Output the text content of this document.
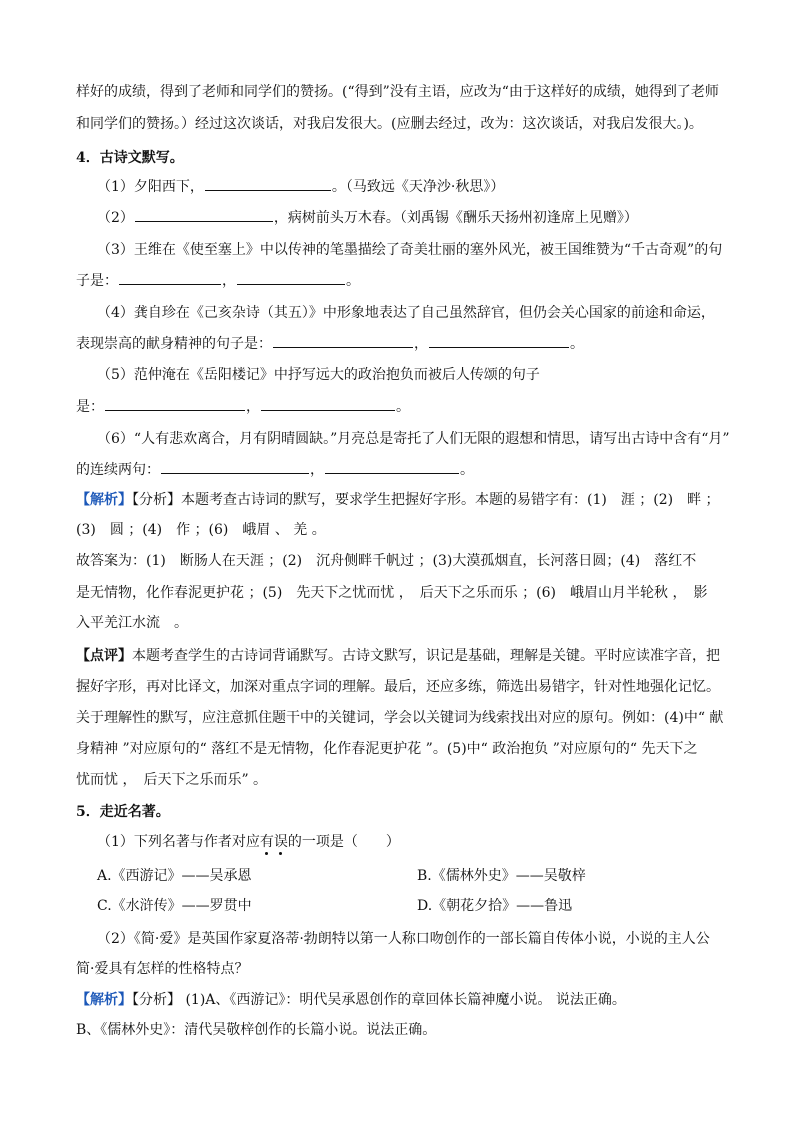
样好的成绩，得到了老师和同学们的赞扬。(“得到”没有主语，应改为“由于这样好的成绩，她得到了老师
和同学们的赞扬。）经过这次谈话，对我启发很大。(应删去经过，改为：这次谈话，对我启发很大。)。
4．古诗文默写。
（1）夕阳西下，	。（马致远《天净沙·秋思》）
（2）	，病树前头万木春。（刘禹锡《酬乐天扬州初逢席上见赠》）
（3）王维在《使至塞上》中以传神的笔墨描绘了奇美壮丽的塞外风光，被王国维赞为“千古奇观”的句
子是：	，	。
（4）龚自珍在《己亥杂诗（其五）》中形象地表达了自己虽然辞官，但仍会关心国家的前途和命运，
表现崇高的献身精神的句子是：	，	。
（5）范仲淹在《岳阳楼记》中抒写远大的政治抱负而被后人传颂的句子
是：	，	。
（6）“人有悲欢离合，月有阴晴圆缺。”月亮总是寄托了人们无限的遐想和情思，请写出古诗中含有“月”
的连续两句：	，	。
【解析】【分析】本题考查古诗词的默写，要求学生把握好字形。本题的易错字有：(1)　涯 ；(2)　畔 ；
(3)　圆 ；(4)　作 ；(6)　峨眉 、 羌 。
故答案为：(1)　断肠人在天涯 ；(2)　沉舟侧畔千帆过 ；(3)大漠孤烟直，长河落日圆；(4)　落红不
是无情物，化作春泥更护花 ；(5)　先天下之忧而忧 ，　后天下之乐而乐 ；(6)　峨眉山月半轮秋 ，　影
入平羌江水流　。
【点评】本题考查学生的古诗词背诵默写。古诗文默写，识记是基础，理解是关键。平时应读准字音，把
握好字形，再对比译文，加深对重点字词的理解。最后，还应多练，筛选出易错字，针对性地强化记忆。
关于理解性的默写，应注意抓住题干中的关键词，学会以关键词为线索找出对应的原句。例如：(4)中“ 献
身精神 ”对应原句的“ 落红不是无情物，化作春泥更护花 ”。(5)中“ 政治抱负 ”对应原句的“ 先天下之
忧而忧 ，　后天下之乐而乐” 。
5．走近名著。
（1）下列名著与作者对应有误的一项是（　　）
A.《西游记》——吴承恩	B.《儒林外史》——吴敬梓
C.《水浒传》——罗贯中	D.《朝花夕拾》——鲁迅
（2）《简·爱》是英国作家夏洛蒂·勃朗特以第一人称口吻创作的一部长篇自传体小说，小说的主人公
简·爱具有怎样的性格特点？
【解析】【分析】 (1)A、《西游记》：明代吴承恩创作的章回体长篇神魔小说。 说法正确。
B、《儒林外史》：清代吴敬梓创作的长篇小说。说法正确。
